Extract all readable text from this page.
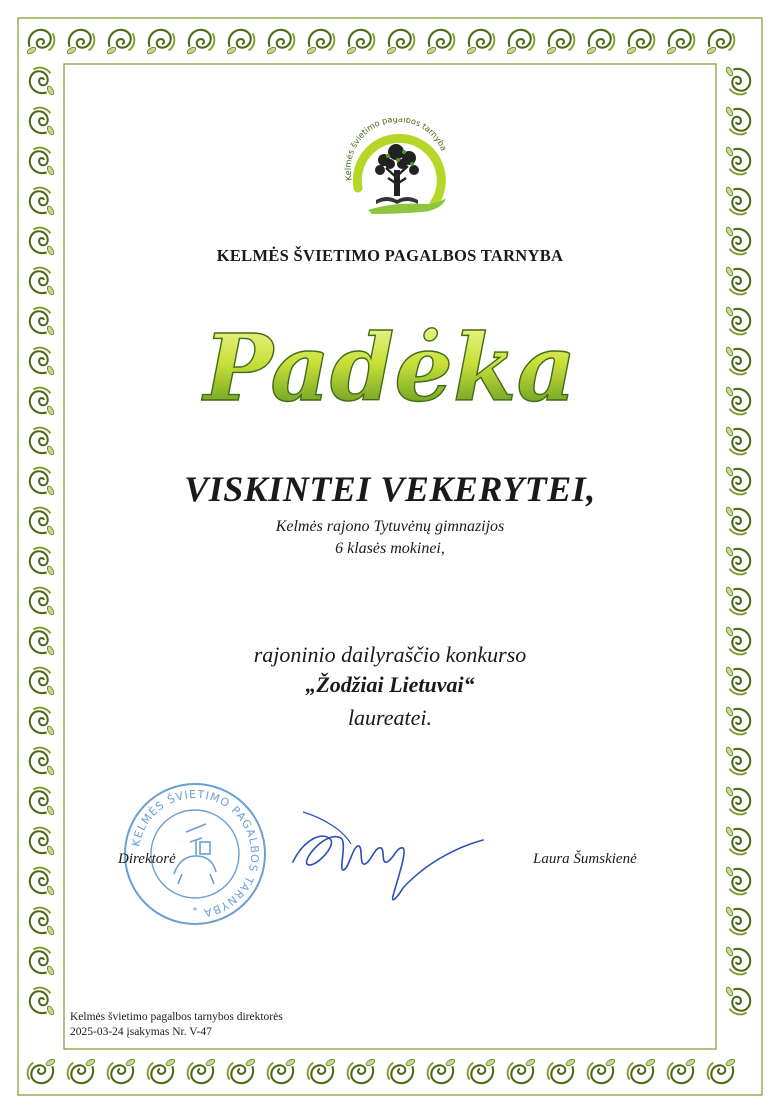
Kelmės švietimo pagalbos tarnyba
KELMĖS ŠVIETIMO PAGALBOS TARNYBA
Padėka
VISKINTEI VEKERYTEI,
Kelmės rajono Tytuvėnų gimnazijos
6 klasės mokinei,
rajoninio dailyraščio konkurso
„Žodžiai Lietuvai“
laureatei.
KELMĖS ŠVIETIMO PAGALBOS TARNYBA
*
Direktorė	Laura Šumskienė
Kelmės švietimo pagalbos tarnybos direktorės
2025-03-24 įsakymas Nr. V-47
